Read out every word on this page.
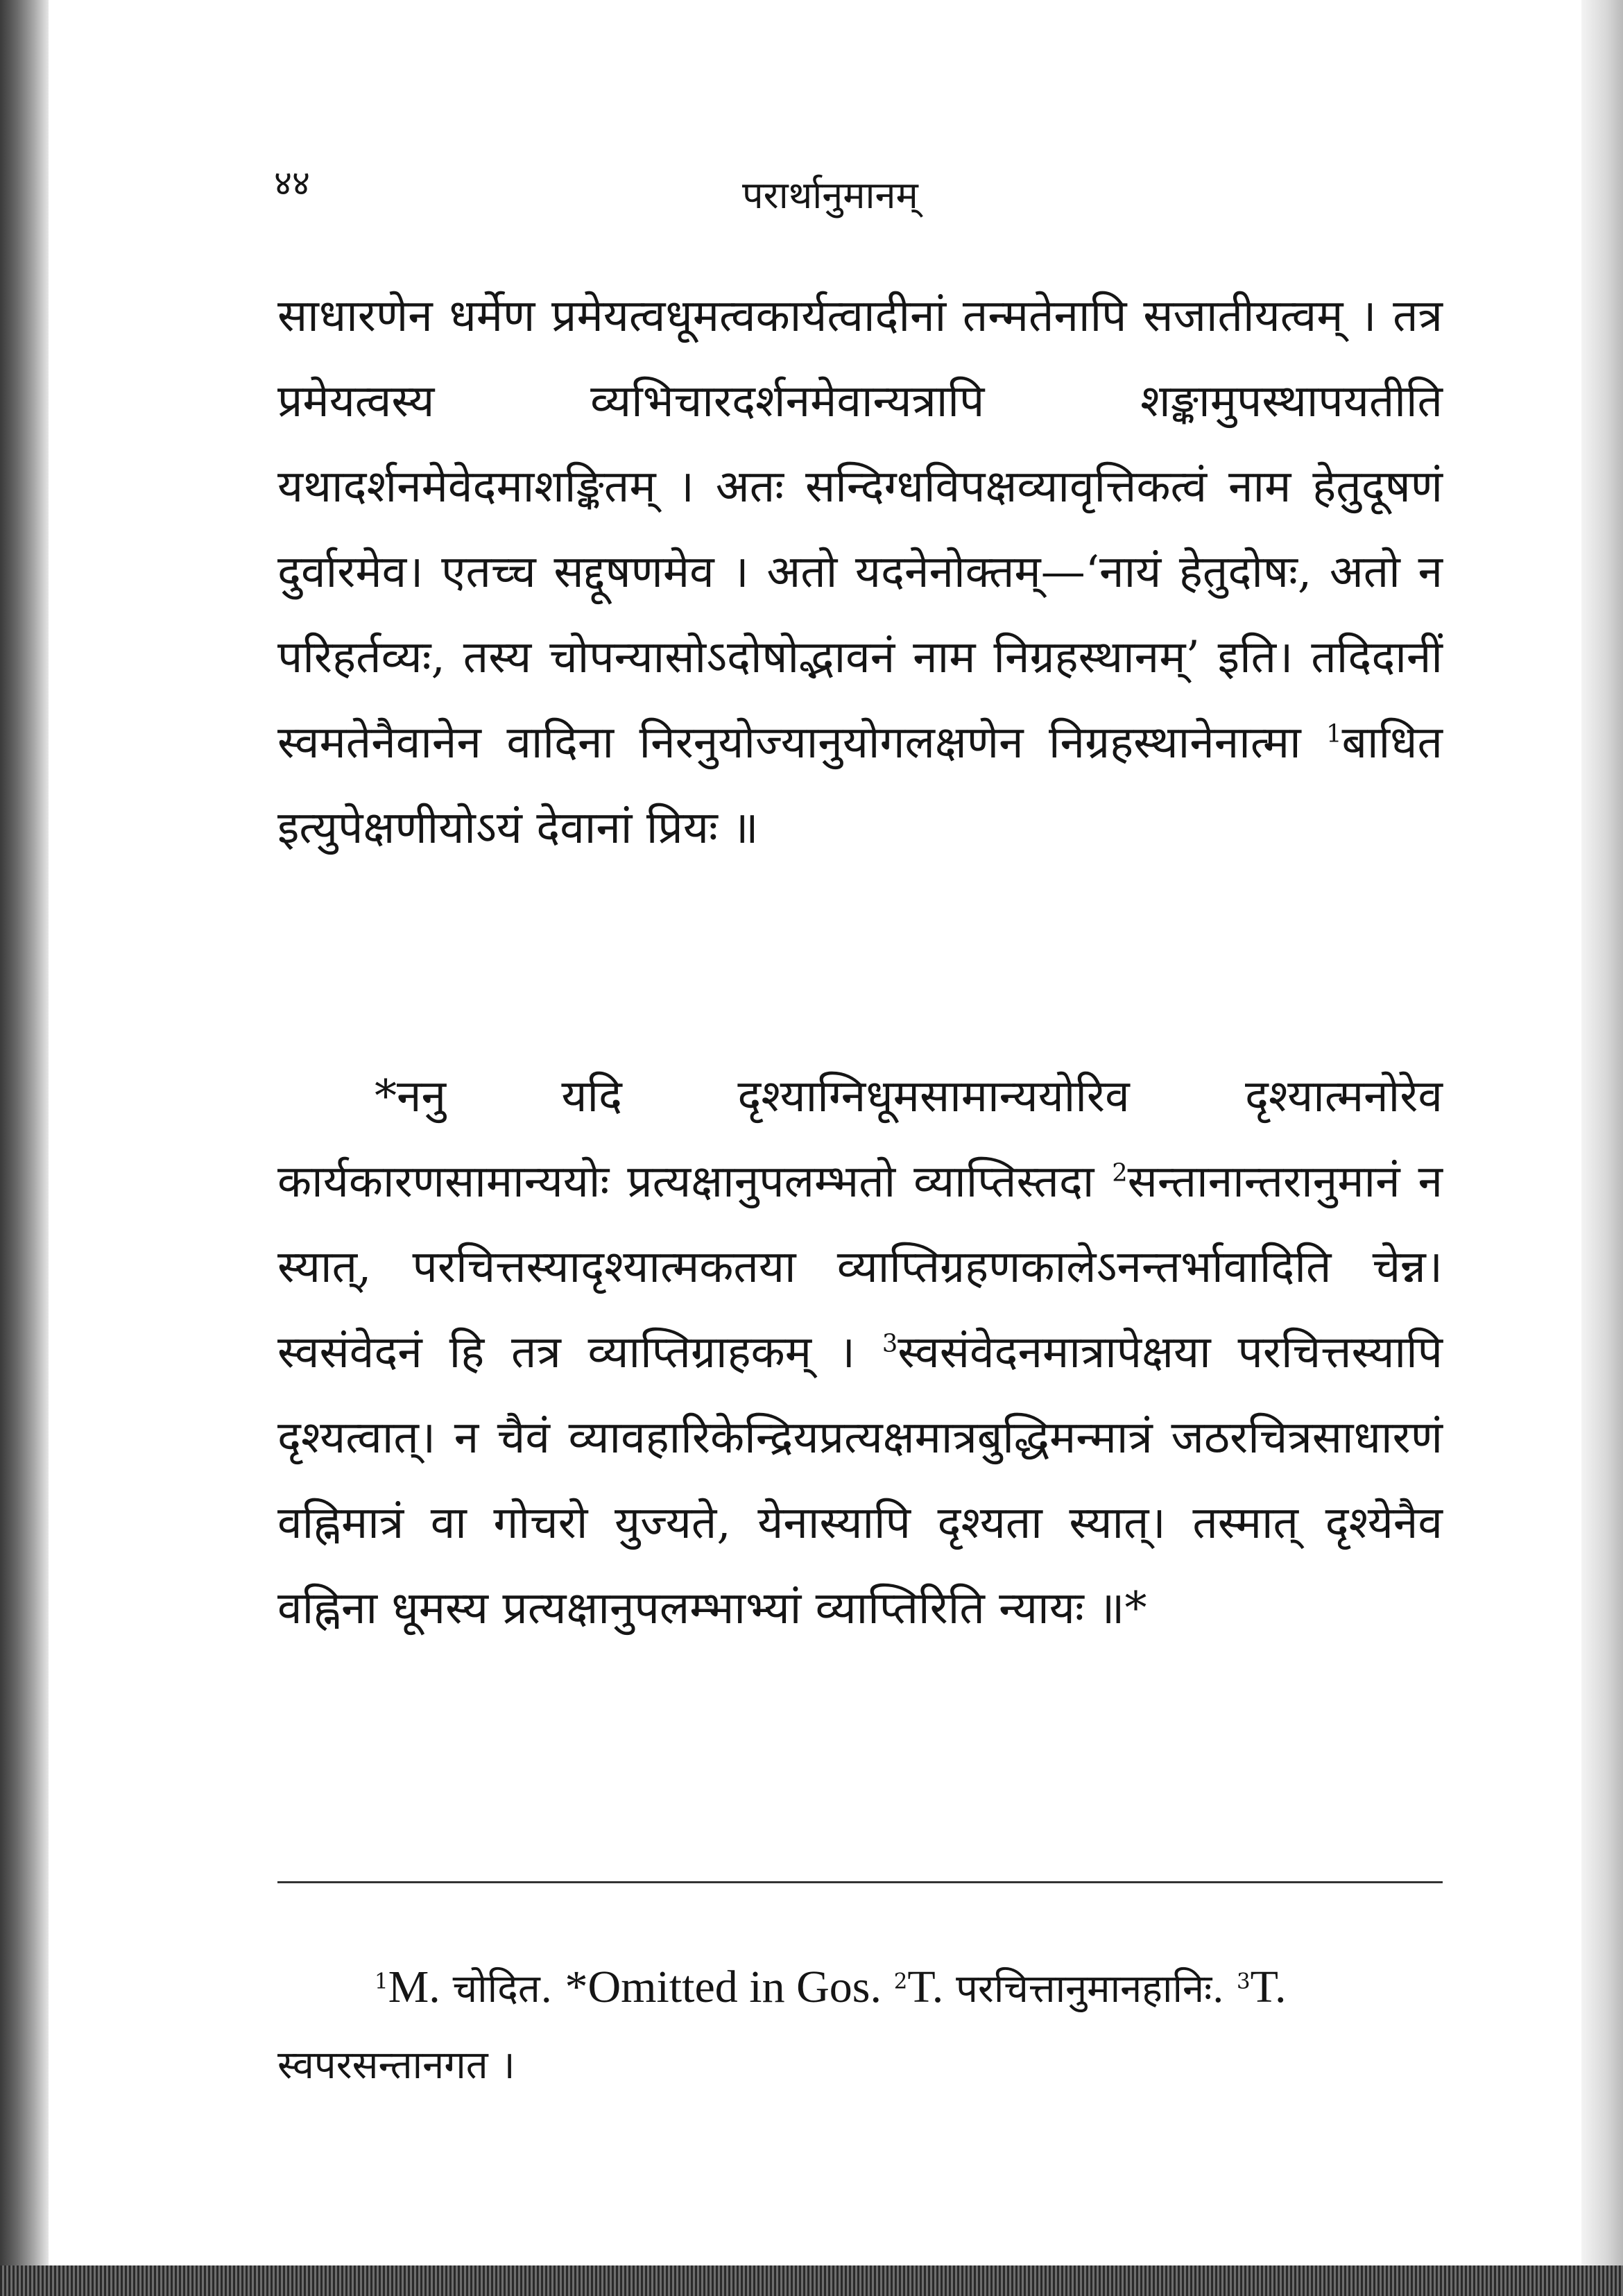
४४	परार्थानुमानम्

साधारणेन धर्मेण प्रमेयत्वधूमत्वकार्यत्वादीनां तन्मतेनापि सजातीयत्वम् । तत्र प्रमेयत्वस्य व्यभिचारदर्शनमेवान्यत्रापि शङ्कामुपस्थापयतीति यथादर्शनमेवेदमाशङ्कितम् । अतः सन्दिग्धविपक्षव्यावृत्तिकत्वं नाम हेतुदूषणं दुर्वारमेव। एतच्च सद्दूषणमेव । अतो यदनेनोक्तम्—‘नायं हेतुदोषः, अतो न परिहर्तव्यः, तस्य चोपन्यासोऽदोषोद्भावनं नाम निग्रहस्थानम्’ इति। तदिदानीं स्वमतेनैवानेन वादिना निरनुयोज्यानुयोगलक्षणेन निग्रहस्थानेनात्मा $^1$बाधित इत्युपेक्षणीयोऽयं देवानां प्रियः ॥

*ननु यदि दृश्याग्निधूमसामान्ययोरिव दृश्यात्मनोरेव कार्यकारणसामान्ययोः प्रत्यक्षानुपलम्भतो व्याप्तिस्तदा $^2$सन्तानान्तरानुमानं न स्यात्, परचित्तस्यादृश्यात्मकतया व्याप्तिग्रहणकालेऽनन्तर्भावादिति चेन्न। स्वसंवेदनं हि तत्र व्याप्तिग्राहकम् । $^3$स्वसंवेदनमात्रापेक्षया परचित्तस्यापि दृश्यत्वात्। न चैवं व्यावहारिकेन्द्रियप्रत्यक्षमात्रबुद्धिमन्मात्रं जठरचित्रसाधारणं वह्निमात्रं वा गोचरो युज्यते, येनास्यापि दृश्यता स्यात्। तस्मात् दृश्येनैव वह्निना धूमस्य प्रत्यक्षानुपलम्भाभ्यां व्याप्तिरिति न्यायः ॥*

$^1$M. चोदित. *Omitted in Gos. $^2$T. परचित्तानुमानहानिः. $^3$T. स्वपरसन्तानगत ।
